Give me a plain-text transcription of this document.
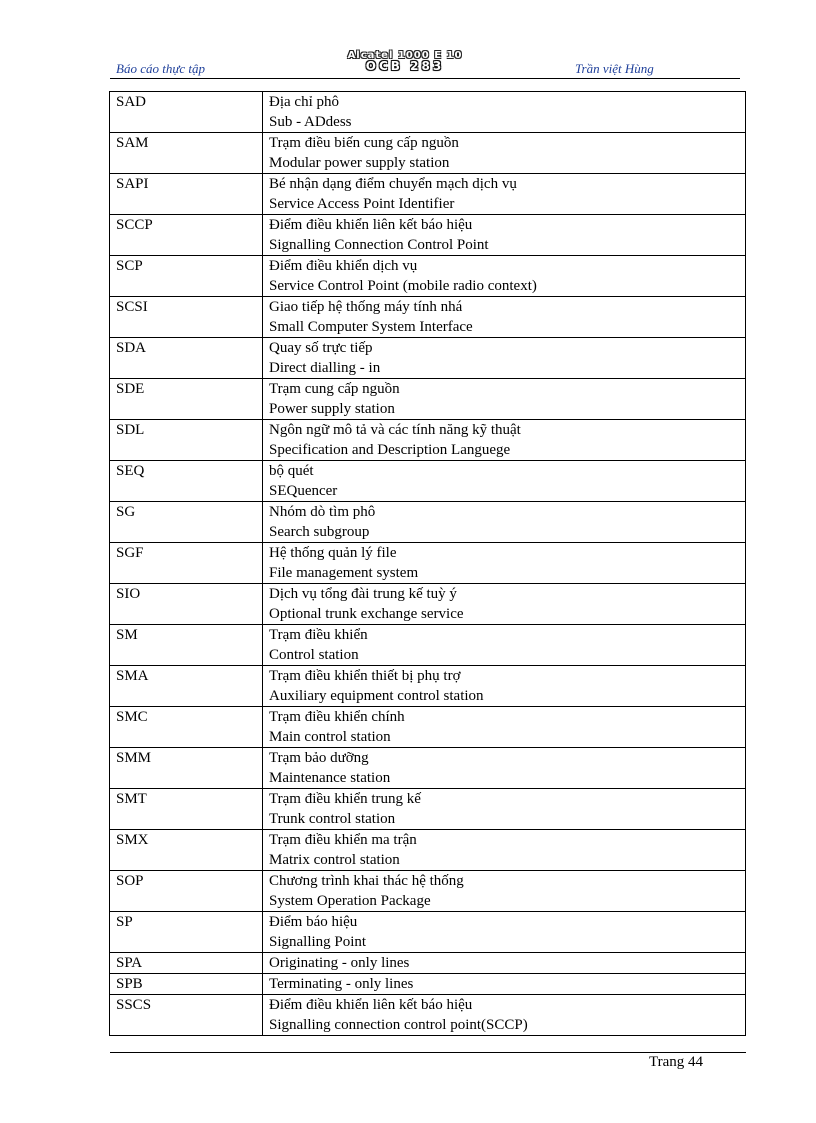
Báo cáo thực tập
Alcatel 1000 E 10
OCB 283	Trần việt Hùng
SAD	Địa chỉ phô
Sub - ADdess

SAM	Trạm điều biến cung cấp nguồn
Modular power supply station

SAPI	Bé nhận dạng điểm chuyển mạch dịch vụ
Service Access Point Identifier

SCCP	Điểm điều khiển liên kết báo hiệu
Signalling Connection Control Point

SCP	Điểm điều khiển dịch vụ
Service Control Point (mobile radio context)

SCSI	Giao tiếp hệ thống máy tính nhá
Small Computer System Interface

SDA	Quay số trực tiếp
Direct dialling - in

SDE	Trạm cung cấp nguồn
Power supply station

SDL	Ngôn ngữ mô tả và các tính năng kỹ thuật
Specification and Description Languege

SEQ	bộ quét
SEQuencer

SG	Nhóm dò tìm phô
Search subgroup

SGF	Hệ thống quản lý file
File management system

SIO	Dịch vụ tổng đài trung kế tuỳ ý
Optional trunk exchange service

SM	Trạm điều khiển
Control station

SMA	Trạm điều khiển thiết bị phụ trợ
Auxiliary equipment control station

SMC	Trạm điều khiển chính
Main control station

SMM	Trạm bảo dưỡng
Maintenance station

SMT	Trạm điều khiển trung kế
Trunk control station

SMX	Trạm điều khiển ma trận
Matrix control station

SOP	Chương trình khai thác hệ thống
System Operation Package

SP	Điểm báo hiệu
Signalling Point

SPA	Originating - only lines

SPB	Terminating - only lines

SSCS	Điểm điều khiển liên kết báo hiệu
Signalling connection control point(SCCP)
Trang 44
